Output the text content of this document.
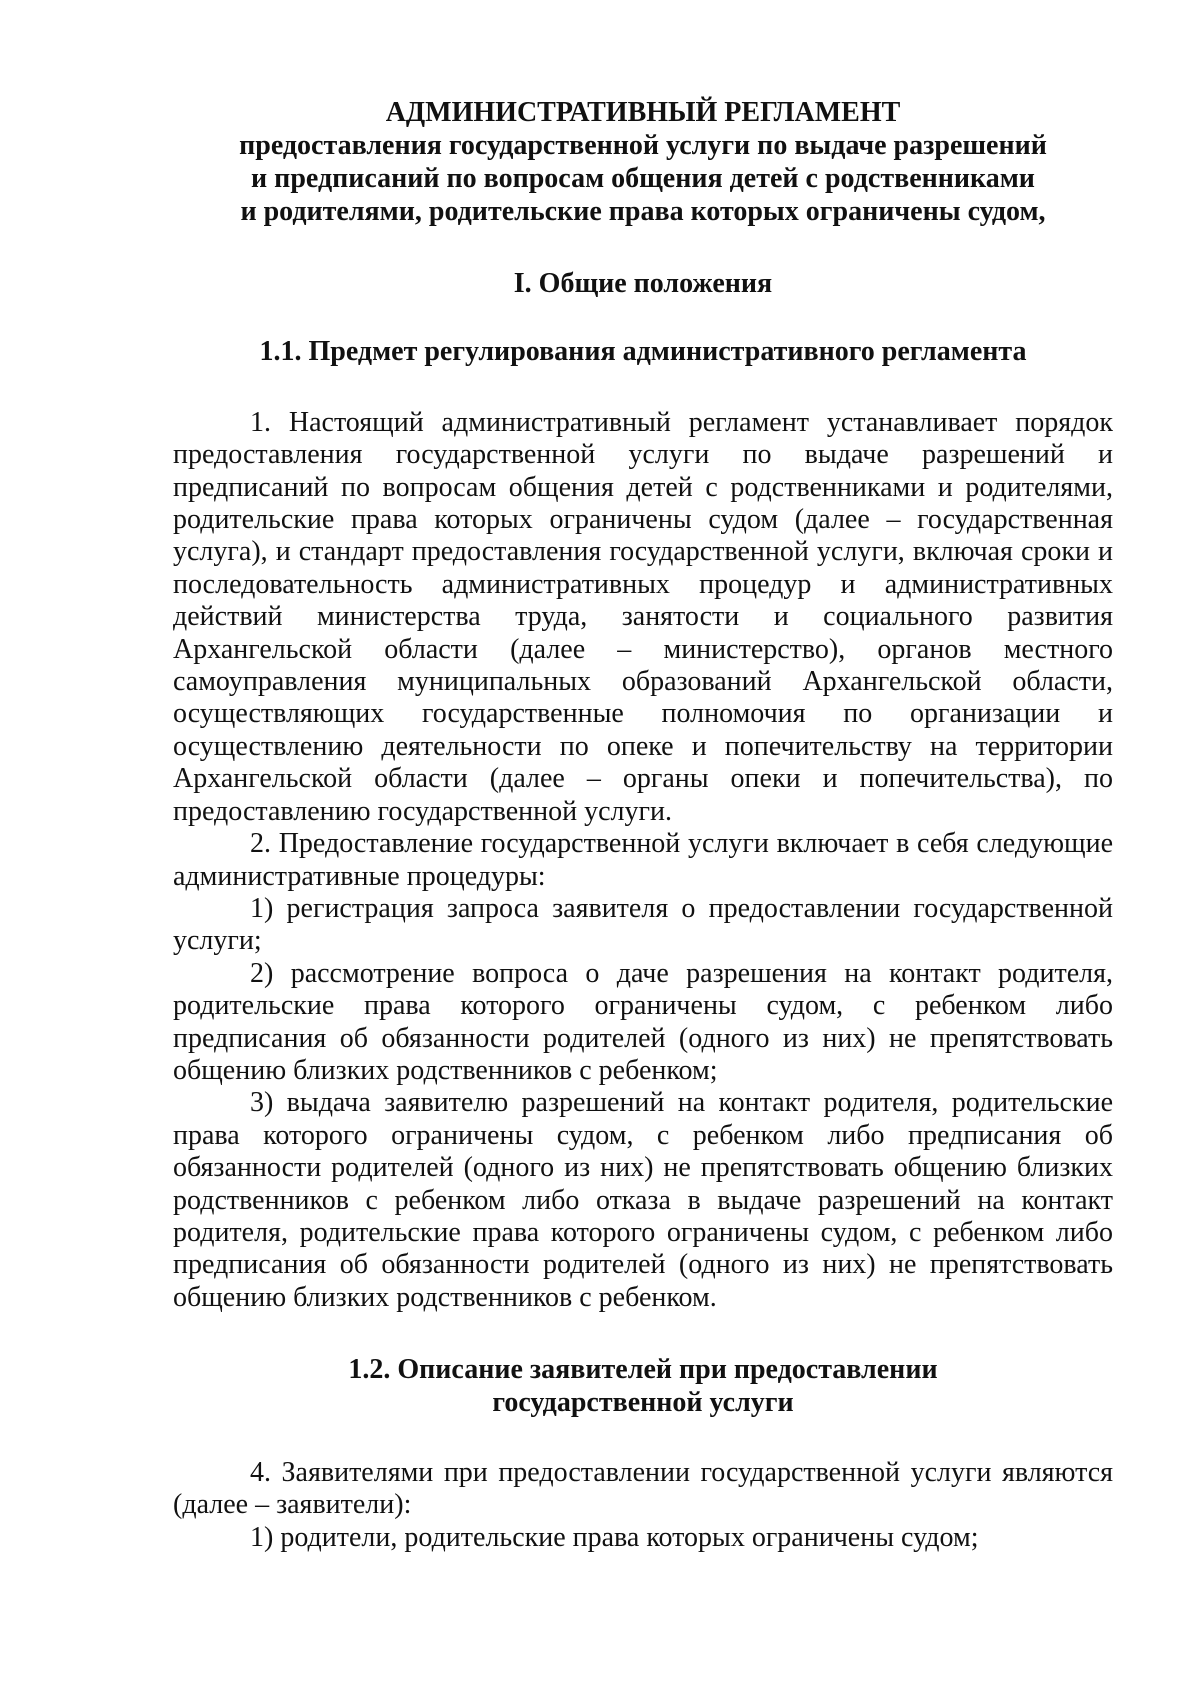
АДМИНИСТРАТИВНЫЙ РЕГЛАМЕНТ
предоставления государственной услуги по выдаче разрешений
и предписаний по вопросам общения детей с родственниками
и родителями, родительские права которых ограничены судом,
I. Общие положения
1.1. Предмет регулирования административного регламента

1. Настоящий административный регламент устанавливает порядок предоставления государственной услуги по выдаче разрешений и предписаний по вопросам общения детей с родственниками и родителями, родительские права которых ограничены судом (далее – государственная услуга), и стандарт предоставления государственной услуги, включая сроки и последовательность административных процедур и административных действий министерства труда, занятости и социального развития Архангельской области (далее – министерство), органов местного самоуправления муниципальных образований Архангельской области, осуществляющих государственные полномочия по организации и осуществлению деятельности по опеке и попечительству на территории Архангельской области (далее – органы опеки и попечительства), по предоставлению государственной услуги.

2. Предоставление государственной услуги включает в себя следующие административные процедуры:

1) регистрация запроса заявителя о предоставлении государственной услуги;

2) рассмотрение вопроса о даче разрешения на контакт родителя, родительские права которого ограничены судом, с ребенком либо предписания об обязанности родителей (одного из них) не препятствовать общению близких родственников с ребенком;

3) выдача заявителю разрешений на контакт родителя, родительские права которого ограничены судом, с ребенком либо предписания об обязанности родителей (одного из них) не препятствовать общению близких родственников с ребенком либо отказа в выдаче разрешений на контакт родителя, родительские права которого ограничены судом, с ребенком либо предписания об обязанности родителей (одного из них) не препятствовать общению близких родственников с ребенком.

1.2. Описание заявителей при предоставлении
государственной услуги

4. Заявителями при предоставлении государственной услуги являются (далее – заявители):

1) родители, родительские права которых ограничены судом;
